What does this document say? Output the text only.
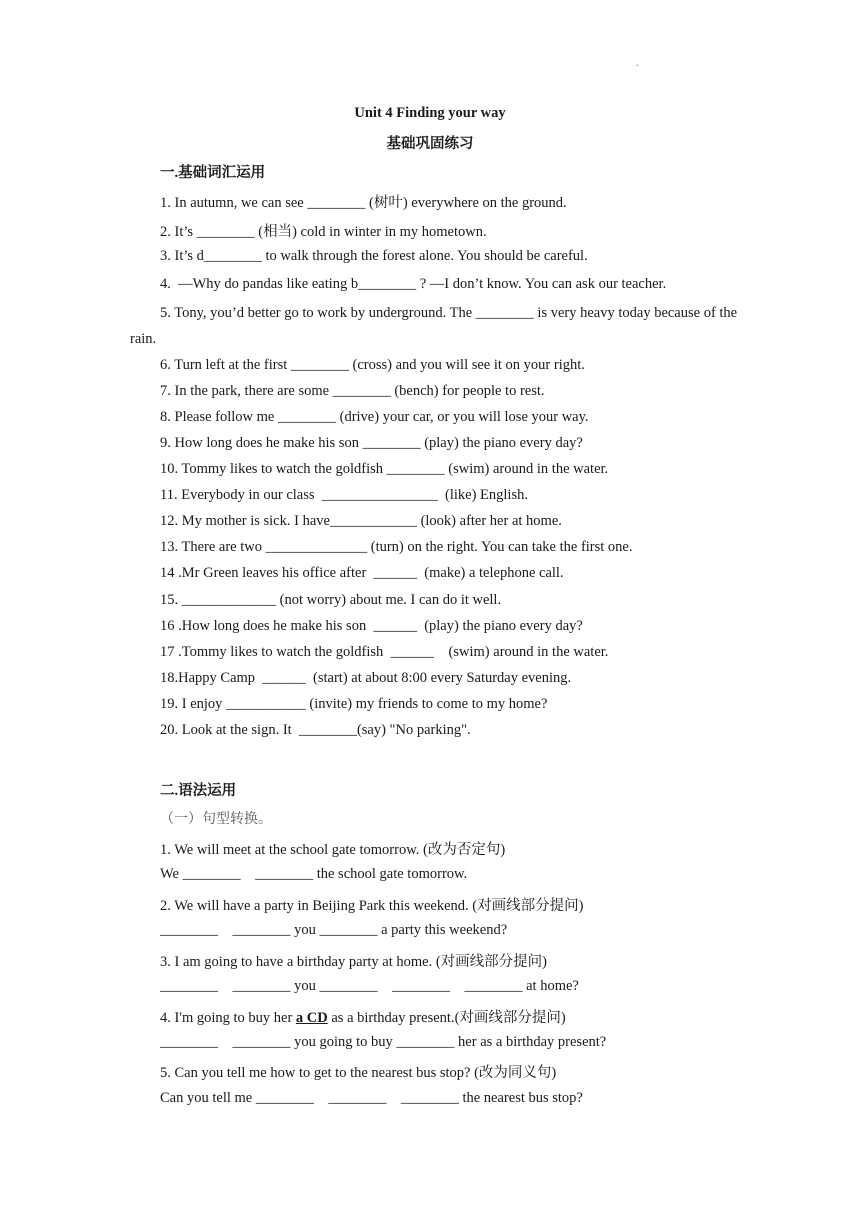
.
Unit 4 Finding your way
基础巩固练习
一.基础词汇运用
1. In autumn, we can see ________ (树叶) everywhere on the ground.
2. It’s ________ (相当) cold in winter in my hometown.
3. It’s d________ to walk through the forest alone. You should be careful.
4.  —Why do pandas like eating b________ ? —I don’t know. You can ask our teacher.
5. Tony, you’d better go to work by underground. The ________ is very heavy today because of the rain.
6. Turn left at the first ________ (cross) and you will see it on your right.
7. In the park, there are some ________ (bench) for people to rest.
8. Please follow me ________ (drive) your car, or you will lose your way.
9. How long does he make his son ________ (play) the piano every day?
10. Tommy likes to watch the goldfish ________ (swim) around in the water.
11. Everybody in our class  ________________  (like) English.
12. My mother is sick. I have____________ (look) after her at home.
13. There are two ______________ (turn) on the right. You can take the first one.
14 .Mr Green leaves his office after  ______  (make) a telephone call.
15. _____________ (not worry) about me. I can do it well.
16 .How long does he make his son  ______  (play) the piano every day?
17 .Tommy likes to watch the goldfish  ______    (swim) around in the water.
18.Happy Camp  ______  (start) at about 8:00 every Saturday evening.
19. I enjoy ___________ (invite) my friends to come to my home?
20. Look at the sign. It  ________(say) "No parking".
二.语法运用
（一）句型转换。
1. We will meet at the school gate tomorrow. (改为否定句)
We ________    ________ the school gate tomorrow.
2. We will have a party in Beijing Park this weekend. (对画线部分提问)
________    ________ you ________ a party this weekend?
3. I am going to have a birthday party at home. (对画线部分提问)
________    ________ you ________    ________    ________ at home?
4. I'm going to buy her a CD as a birthday present.(对画线部分提问)
________    ________ you going to buy ________ her as a birthday present?
5. Can you tell me how to get to the nearest bus stop? (改为同义句)
Can you tell me ________    ________    ________ the nearest bus stop?
